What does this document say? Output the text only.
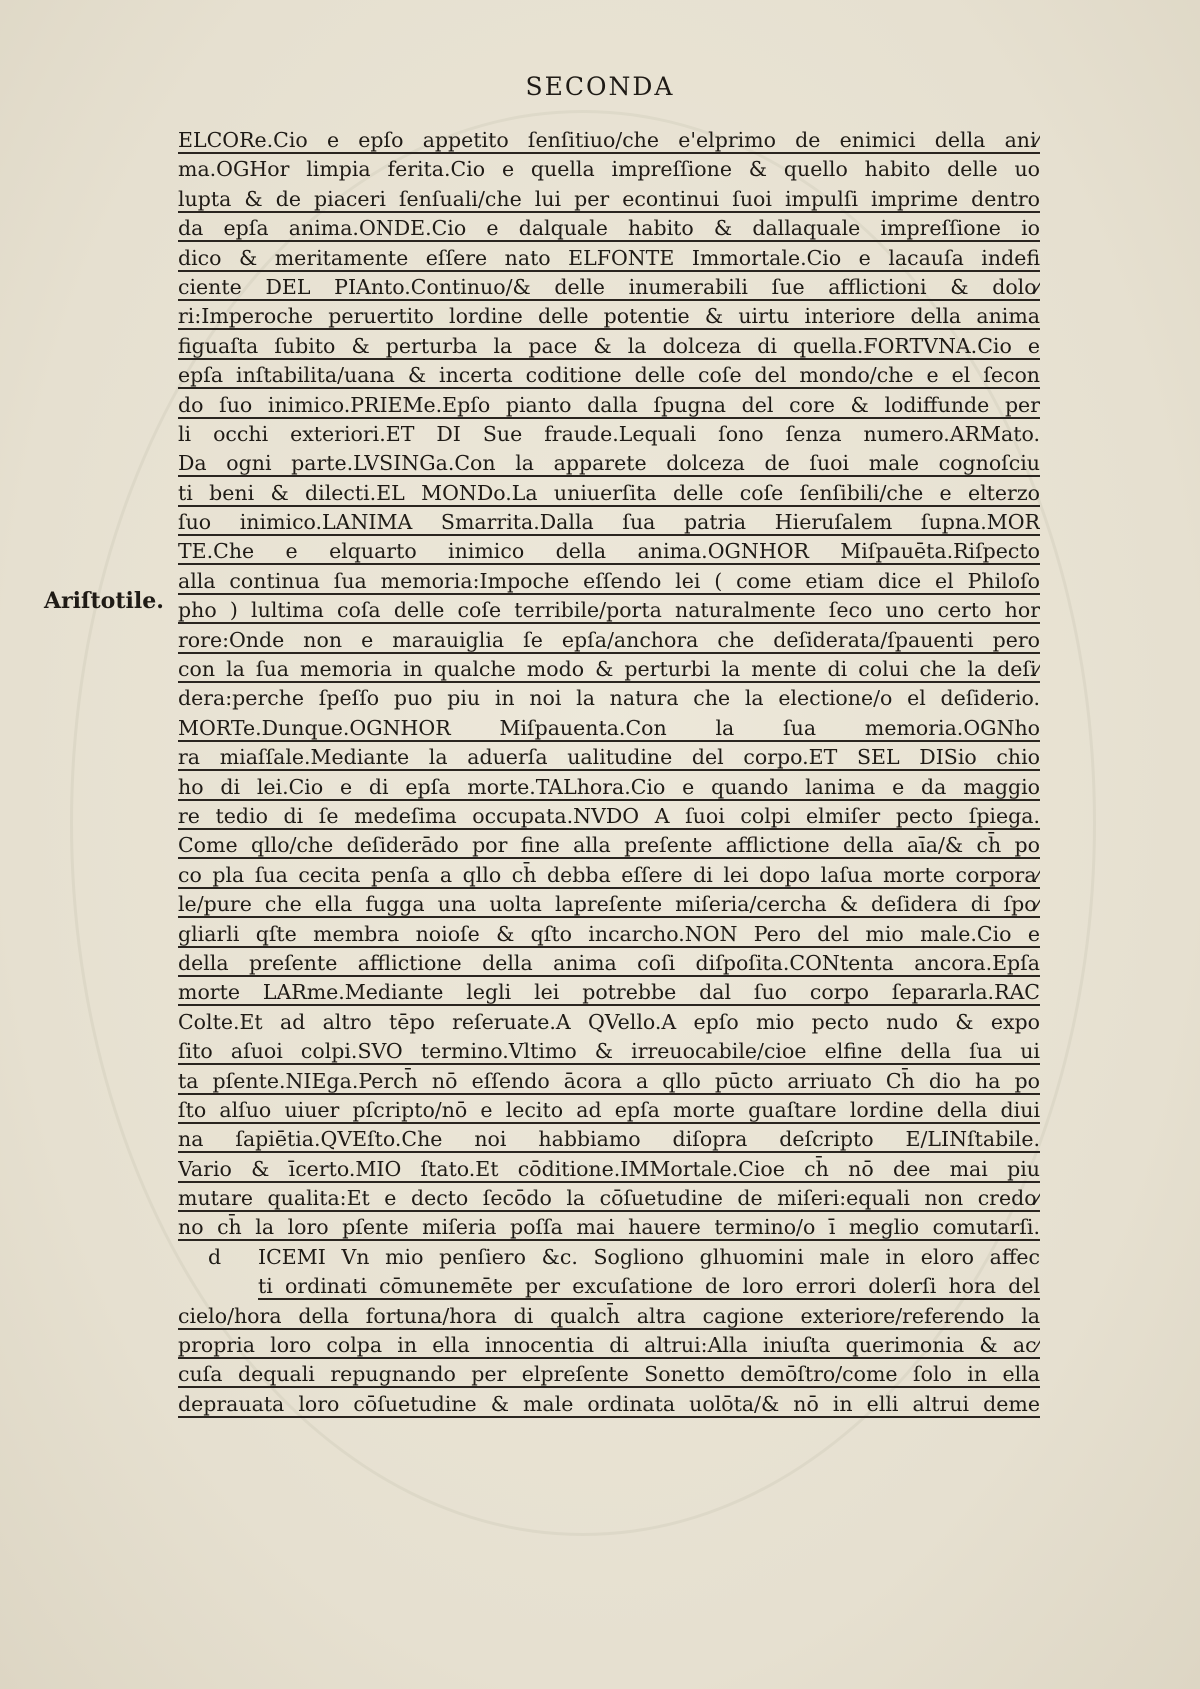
SECONDA
Ariſtotile.
ELCORe.Cio e epſo appetito ſenſitiuo/che e'elprimo de enimici della ani⁄
ma.OGHor limpia ferita.Cio e quella impreſſione & quello habito delle uo
lupta & de piaceri ſenſuali/che lui per econtinui ſuoi impulſi imprime dentro
da epſa anima.ONDE.Cio e dalquale habito & dallaquale impreſſione io
dico & meritamente eſſere nato ELFONTE Immortale.Cio e lacauſa indefi
ciente DEL PIAnto.Continuo/& delle inumerabili ſue afflictioni & dolo⁄
ri:Imperoche peruertito lordine delle potentie & uirtu interiore della anima
figuaſta ſubito & perturba la pace & la dolceza di quella.FORTVNA.Cio e
epſa inſtabilita/uana & incerta coditione delle coſe del mondo/che e el ſecon
do ſuo inimico.PRIEMe.Epſo pianto dalla ſpugna del core & lodiffunde per
li occhi exteriori.ET DI Sue fraude.Lequali ſono ſenza numero.ARMato.
Da ogni parte.LVSINGa.Con la apparete dolceza de ſuoi male cognoſciu
ti beni & dilecti.EL MONDo.La uniuerſita delle coſe ſenſibili/che e elterzo
ſuo inimico.LANIMA Smarrita.Dalla ſua patria Hieruſalem ſupna.MOR
TE.Che e elquarto inimico della anima.OGNHOR Miſpauēta.Riſpecto
alla continua ſua memoria:Impoche eſſendo lei ( come etiam dice el Philoſo
pho ) lultima coſa delle coſe terribile/porta naturalmente ſeco uno certo hor
rore:Onde non e marauiglia ſe epſa/anchora che deſiderata/ſpauenti pero
con la ſua memoria in qualche modo & perturbi la mente di colui che la deſi⁄
dera:perche ſpeſſo puo piu in noi la natura che la electione/o el deſiderio.
MORTe.Dunque.OGNHOR Miſpauenta.Con la ſua memoria.OGNho
ra miaſſale.Mediante la aduerſa ualitudine del corpo.ET SEL DISio chio
ho di lei.Cio e di epſa morte.TALhora.Cio e quando lanima e da maggio
re tedio di ſe medeſima occupata.NVDO A ſuoi colpi elmiſer pecto ſpiega.
Come qllo/che deſiderādo por fine alla preſente afflictione della aīa/& ch̄ po
co pla ſua cecita penſa a qllo ch̄ debba eſſere di lei dopo laſua morte corpora⁄
le/pure che ella fugga una uolta lapreſente miſeria/cercha & deſidera di ſpo⁄
gliarli qſte membra noioſe & qſto incarcho.NON Pero del mio male.Cio e
della preſente afflictione della anima coſi diſpoſita.CONtenta ancora.Epſa
morte LARme.Mediante legli lei potrebbe dal ſuo corpo ſepararla.RAC
Colte.Et ad altro tēpo reſeruate.A QVello.A epſo mio pecto nudo & expo
ſito aſuoi colpi.SVO termino.Vltimo & irreuocabile/cioe elfine della ſua ui
ta pſente.NIEga.Perch̄ nō eſſendo ācora a qllo pūcto arriuato Ch̄ dio ha po
ſto alſuo uiuer pſcripto/nō e lecito ad epſa morte guaſtare lordine della diui
na ſapiētia.QVEſto.Che noi habbiamo diſopra deſcripto E/LINſtabile.
Vario & īcerto.MIO ſtato.Et cōditione.IMMortale.Cioe ch̄ nō dee mai piu
mutare qualita:Et e decto ſecōdo la cōſuetudine de miſeri:equali non credo⁄
no ch̄ la loro pſente miſeria poſſa mai hauere termino/o ī meglio comutarſi.
d ICEMI Vn mio penſiero &c. Sogliono glhuomini male in eloro affec
ti ordinati cōmunemēte per excuſatione de loro errori dolerſi hora del
cielo/hora della fortuna/hora di qualch̄ altra cagione exteriore/referendo la
propria loro colpa in ella innocentia di altrui:Alla iniuſta querimonia & ac⁄
cuſa dequali repugnando per elpreſente Sonetto demōſtro/come ſolo in ella
deprauata loro cōſuetudine & male ordinata uolōta/& nō in elli altrui deme
